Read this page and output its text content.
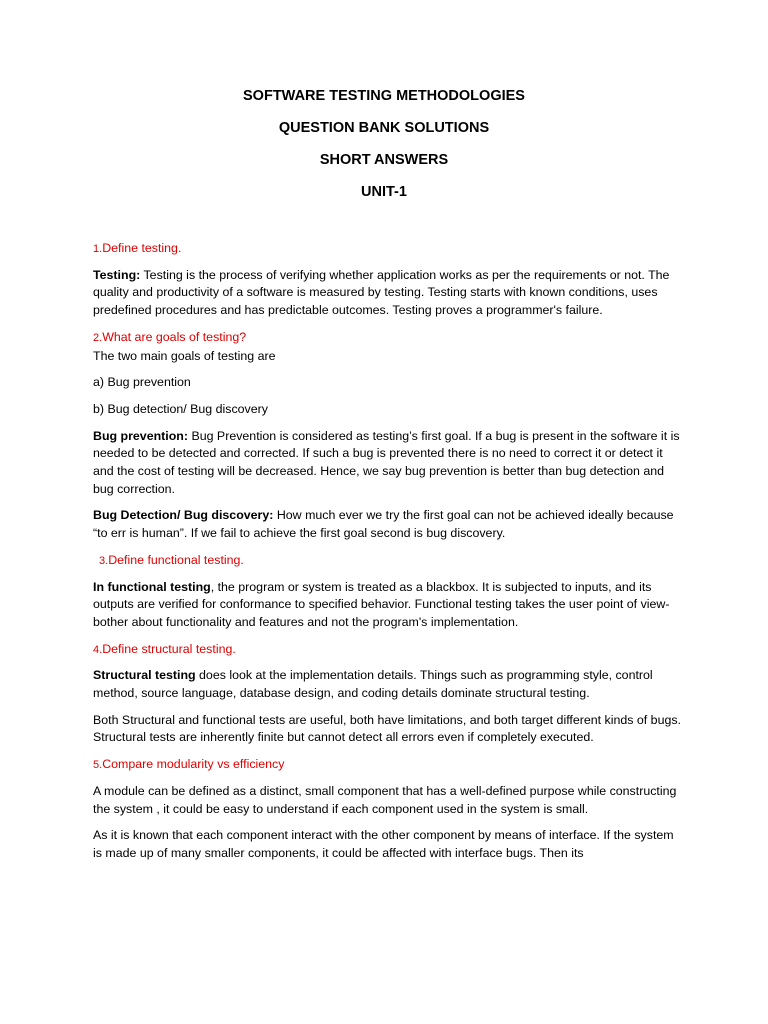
SOFTWARE TESTING METHODOLOGIES
QUESTION BANK SOLUTIONS
SHORT ANSWERS
UNIT-1
1.Define testing.

Testing: Testing is the process of verifying whether application works as per the requirements or not. The quality and productivity of a software is measured by testing. Testing starts with known conditions, uses predefined procedures and has predictable outcomes. Testing proves a programmer's failure.

2.What are goals of testing?

The two main goals of testing are

a) Bug prevention

b) Bug detection/ Bug discovery

Bug prevention: Bug Prevention is considered as testing’s first goal. If a bug is present in the software it is needed to be detected and corrected. If such a bug is prevented there is no need to correct it or detect it and the cost of testing will be decreased. Hence, we say bug prevention is better than bug detection and bug correction.

Bug Detection/ Bug discovery: How much ever we try the first goal can not be achieved ideally because “to err is human”. If we fail to achieve the first goal second is bug discovery.

3.Define functional testing.

In functional testing, the program or system is treated as a blackbox. It is subjected to inputs, and its outputs are verified for conformance to specified behavior. Functional testing takes the user point of view- bother about functionality and features and not the program's implementation.

4.Define structural testing.

Structural testing does look at the implementation details. Things such as programming style, control method, source language, database design, and coding details dominate structural testing.

Both Structural and functional tests are useful, both have limitations, and both target different kinds of bugs. Structural tests are inherently finite but cannot detect all errors even if completely executed.

5.Compare modularity vs efficiency

A module can be defined as a distinct, small component that has a well-defined purpose while constructing the system , it could be easy to understand if each component used in the system is small.

As it is known that each component interact with the other component by means of interface. If the system is made up of many smaller components, it could be affected with interface bugs. Then its
